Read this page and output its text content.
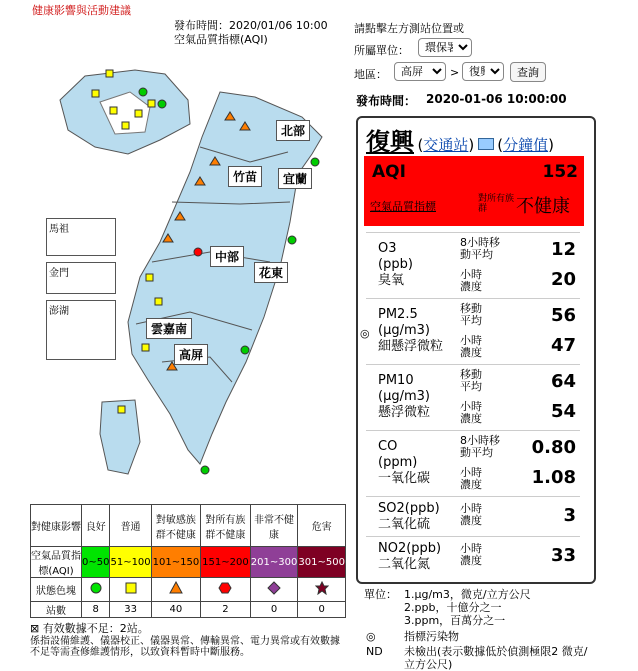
健康影響與活動建議
發布時間：2020/01/06 10:00
空氣品質指標(AQI)
請點擊左方測站位置或
所屬單位：
環保署
地區：
高屏	>
復興	查詢
發布時間： 2020-01-06 10:00:00
北部
竹苗	宜蘭
中部
花東
雲嘉南
高屏
馬祖
金門
澎湖
對健康影響	良好	普通	對敏感族群不健康	對所有族群不健康	非常不健康	危害
空氣品質指標(AQI)	0~50	51~100	101~150	151~200	201~300	301~500
狀態色塊						
站數	8	33	40	2	0	0
⊠ 有效數據不足：2站。
係指設備維護、儀器校正、儀器異常、傳輸異常、電力異常或有效數據不足等需查修維護情形，以致資料暫時中斷服務。
復興 (交通站) (分鐘值)
AQI	152
空氣品質指標
對所有族群	不健康
O3
(ppb)
臭氧
8小時移動平均	12
小時濃度	20
◎
PM2.5
(μg/m3)
細懸浮微粒
移動平均	56
小時濃度	47
PM10
(μg/m3)
懸浮微粒
移動平均	64
小時濃度	54
CO
(ppm)
一氧化碳
8小時移動平均	0.80
小時濃度	1.08
SO2(ppb)
二氧化硫
小時濃度	3
NO2(ppb)
二氧化氮
小時濃度	33
單位： 1.μg/m3，微克/立方公尺
2.ppb，十億分之一
3.ppm，百萬分之一
◎	指標污染物
ND 未檢出(表示數據低於偵測極限2 微克/立方公尺)
